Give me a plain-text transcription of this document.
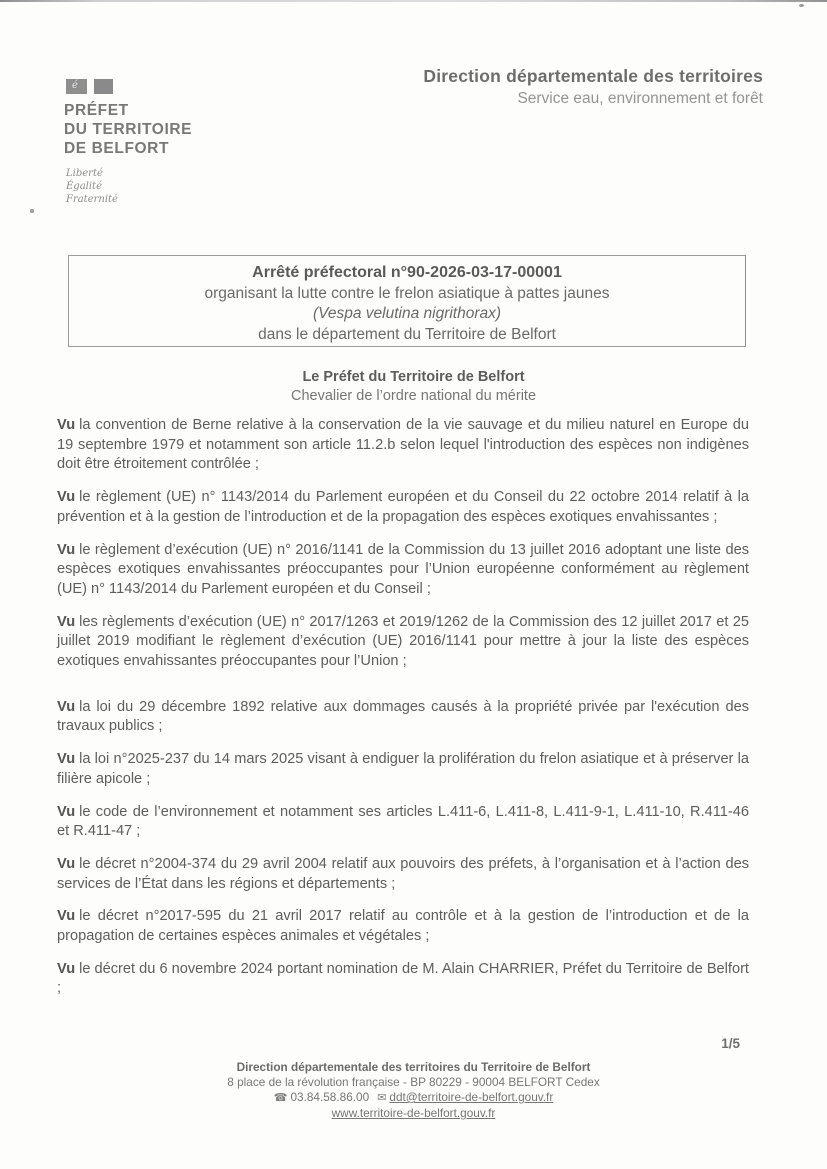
é
PRÉFET
DU TERRITOIRE
DE BELFORT
Liberté
Égalité
Fraternité
Direction départementale des territoires
Service eau, environnement et forêt
Arrêté préfectoral n°90-2026-03-17-00001
organisant la lutte contre le frelon asiatique à pattes jaunes
(Vespa velutina nigrithorax)
dans le département du Territoire de Belfort
Le Préfet du Territoire de Belfort
Chevalier de l’ordre national du mérite

Vu la convention de Berne relative à la conservation de la vie sauvage et du milieu naturel en Europe du 19 septembre 1979 et notamment son article 11.2.b selon lequel l'introduction des espèces non indigènes doit être étroitement contrôlée ;

Vu le règlement (UE) n° 1143/2014 du Parlement européen et du Conseil du 22 octobre 2014 relatif à la prévention et à la gestion de l’introduction et de la propagation des espèces exotiques envahissantes ;

Vu le règlement d’exécution (UE) n° 2016/1141 de la Commission du 13 juillet 2016 adoptant une liste des espèces exotiques envahissantes préoccupantes pour l’Union européenne conformément au règlement (UE) n° 1143/2014 du Parlement européen et du Conseil ;

Vu les règlements d’exécution (UE) n° 2017/1263 et 2019/1262 de la Commission des 12 juillet 2017 et 25 juillet 2019 modifiant le règlement d’exécution (UE) 2016/1141 pour mettre à jour la liste des espèces exotiques envahissantes préoccupantes pour l’Union ;

Vu la loi du 29 décembre 1892 relative aux dommages causés à la propriété privée par l'exécution des travaux publics ;

Vu la loi n°2025-237 du 14 mars 2025 visant à endiguer la prolifération du frelon asiatique et à préserver la filière apicole ;

Vu le code de l’environnement et notamment ses articles L.411-6, L.411-8, L.411-9-1, L.411-10, R.411-46 et R.411-47 ;

Vu le décret n°2004-374 du 29 avril 2004 relatif aux pouvoirs des préfets, à l’organisation et à l’action des services de l’État dans les régions et départements ;

Vu le décret n°2017-595 du 21 avril 2017 relatif au contrôle et à la gestion de l’introduction et de la propagation de certaines espèces animales et végétales ;

Vu le décret du 6 novembre 2024 portant nomination de M. Alain CHARRIER, Préfet du Territoire de Belfort ;

1/5
Direction départementale des territoires du Territoire de Belfort
8 place de la révolution française - BP 80229 - 90004 BELFORT Cedex
☎ 03.84.58.86.00 ✉ ddt@territoire-de-belfort.gouv.fr
www.territoire-de-belfort.gouv.fr
